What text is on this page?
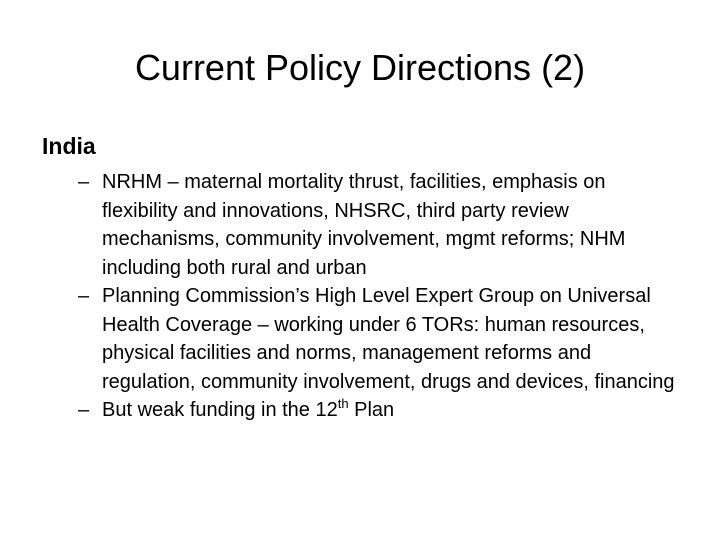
Current Policy Directions (2)
India
– NRHM – maternal mortality thrust, facilities, emphasis on flexibility and innovations, NHSRC, third party review mechanisms, community involvement, mgmt reforms; NHM including both rural and urban
– Planning Commission’s High Level Expert Group on Universal Health Coverage – working under 6 TORs: human resources, physical facilities and norms, management reforms and regulation, community involvement, drugs and devices, financing
– But weak funding in the 12th Plan
